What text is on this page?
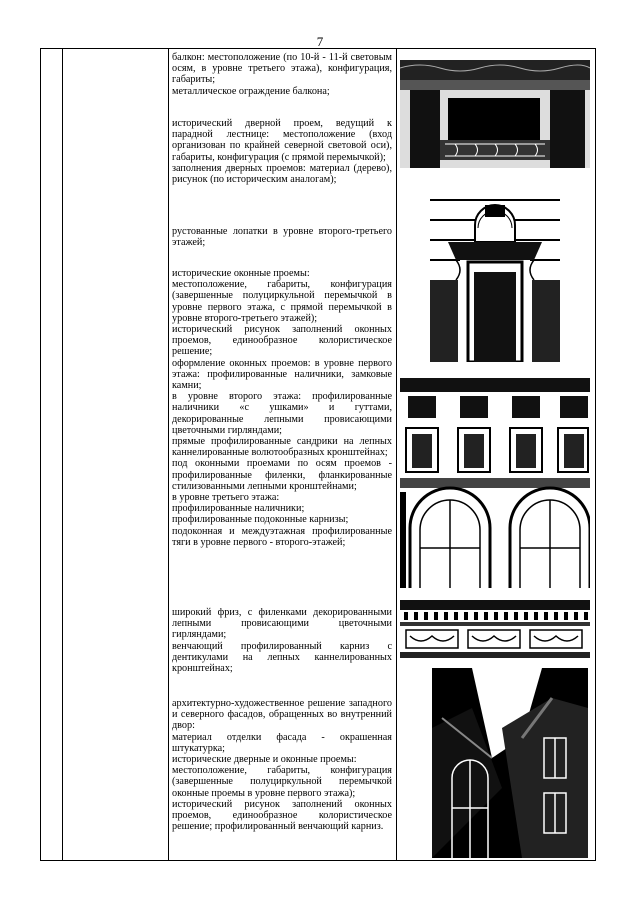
7

балкон: местоположение (по 10-й - 11-й световым осям, в уровне третьего этажа), конфигурация, габариты;

металлическое ограждение балкона;

исторический дверной проем, ведущий к парадной лестнице: местоположение (вход организован по крайней северной световой оси), габариты, конфигурация (с прямой перемычкой);

заполнения дверных проемов: материал (дерево), рисунок (по историческим аналогам);

рустованные лопатки в уровне второго-третьего этажей;

исторические оконные проемы:

местоположение, габариты, конфигурация (завершенные полуциркульной перемычкой в уровне первого этажа, с прямой перемычкой в уровне второго-третьего этажей);

исторический рисунок заполнений оконных проемов, единообразное колористическое решение;

оформление оконных проемов: в уровне первого этажа: профилированные наличники, замковые камни;

в уровне второго этажа: профилированные наличники «с ушками» и гуттами, декорированные лепными провисающими цветочными гирляндами;

прямые профилированные сандрики на лепных каннелированные волютообразных кронштейнах;

под оконными проемами по осям проемов - профилированные филенки, фланкированные стилизованными лепными кронштейнами;

в уровне третьего этажа:

профилированные наличники;

профилированные подоконные карнизы;

подоконная и междуэтажная профилированные тяги в уровне первого - второго-этажей;

широкий фриз, с филенками декорированными лепными провисающими цветочными гирляндами;

венчающий профилированный карниз с дентикулами на лепных каннелированных кронштейнах;

архитектурно-художественное решение западного и северного фасадов, обращенных во внутренний двор:

материал отделки фасада - окрашенная штукатурка;

исторические дверные и оконные проемы:

местоположение, габариты, конфигурация (завершенные полуциркульной перемычкой оконные проемы в уровне первого этажа);

исторический рисунок заполнений оконных проемов, единообразное колористическое решение; профилированный венчающий карниз.
